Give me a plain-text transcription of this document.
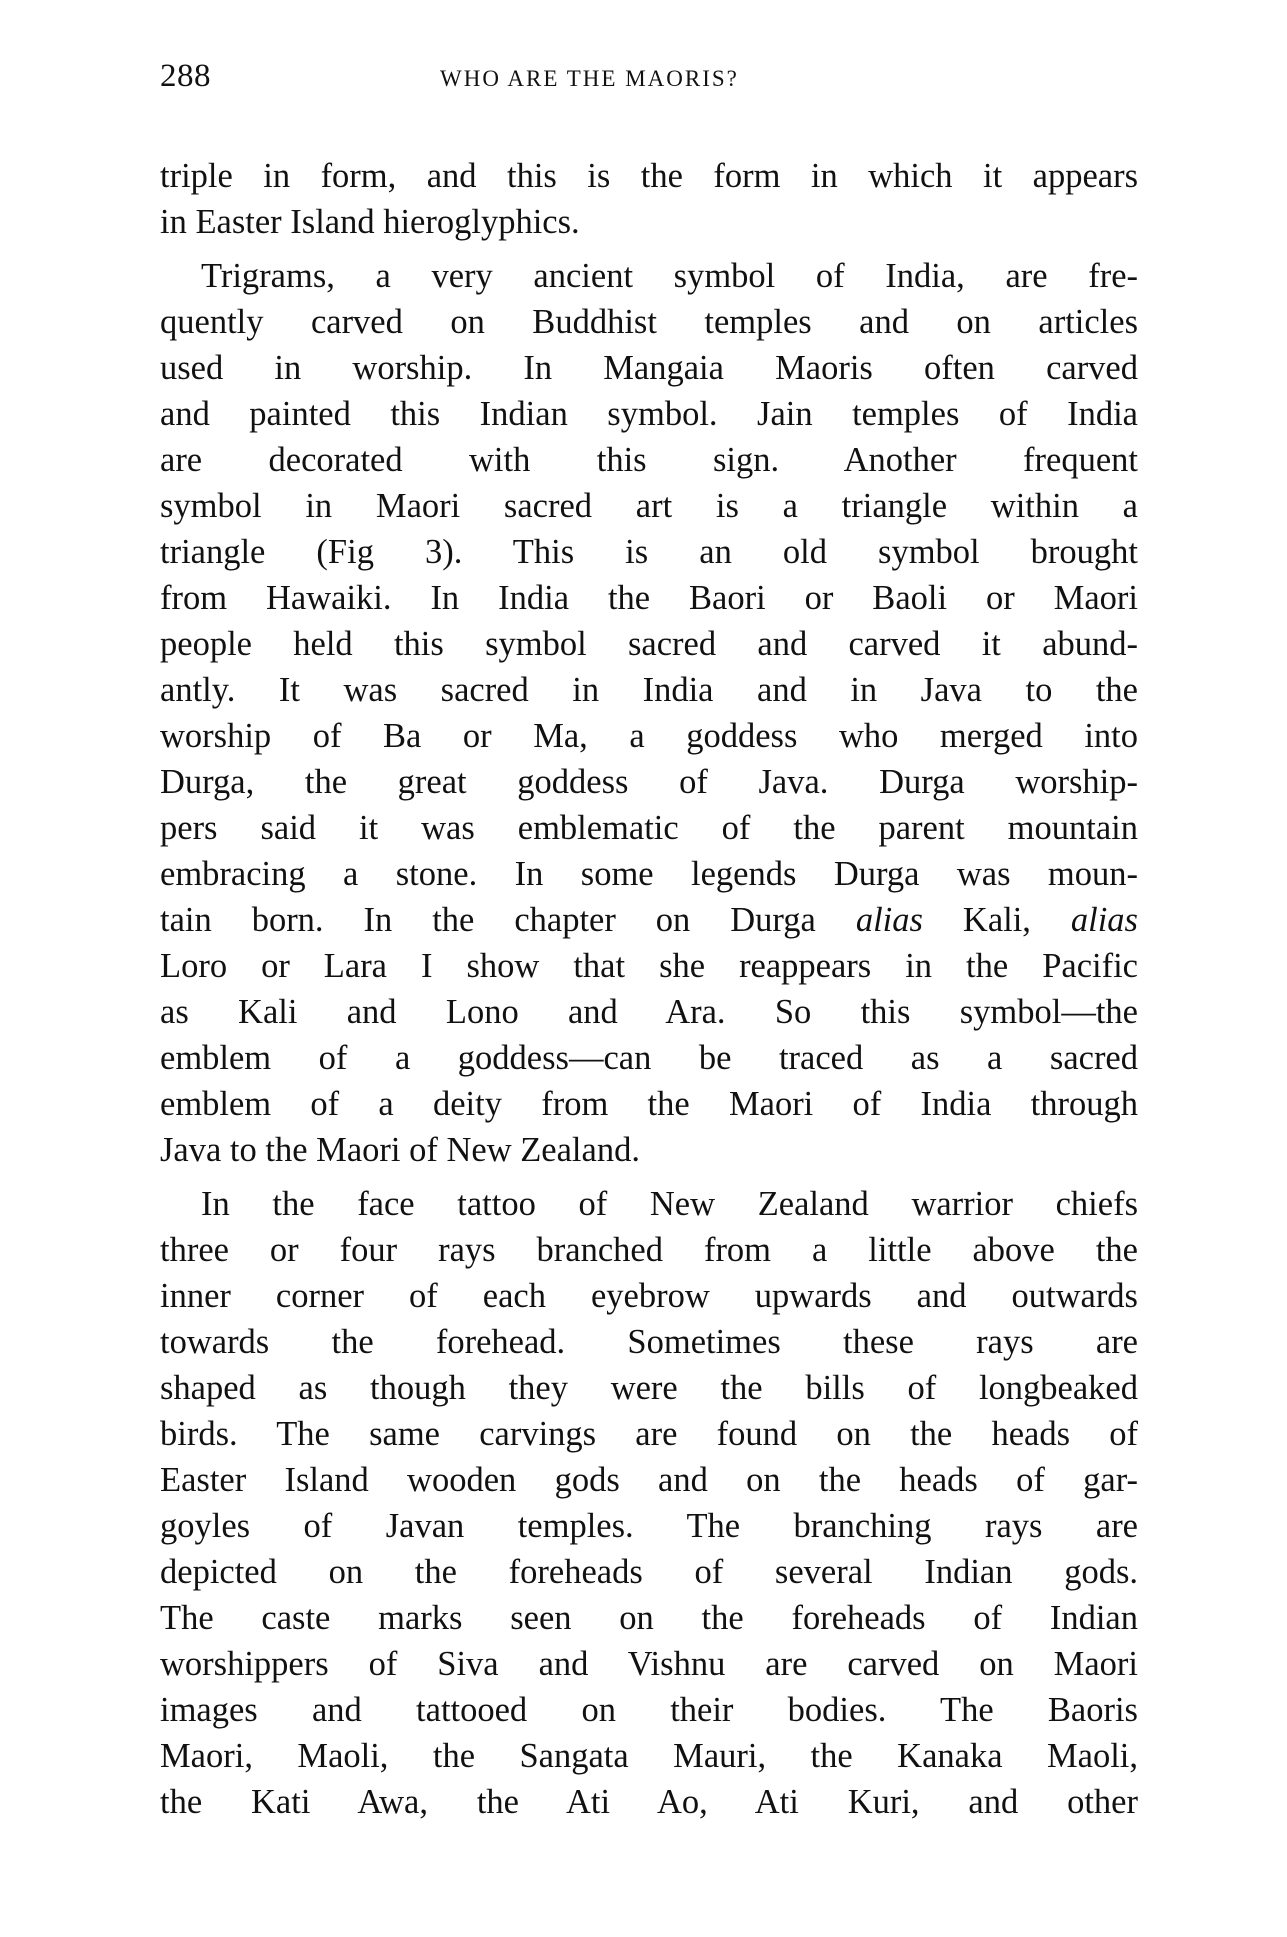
288	WHO ARE THE MAORIS?
triple in form, and this is the form in which it appears
in Easter Island hieroglyphics.
Trigrams, a very ancient symbol of India, are fre-
quently carved on Buddhist temples and on articles
used in worship. In Mangaia Maoris often carved
and painted this Indian symbol. Jain temples of India
are decorated with this sign. Another frequent
symbol in Maori sacred art is a triangle within a
triangle (Fig 3). This is an old symbol brought
from Hawaiki. In India the Baori or Baoli or Maori
people held this symbol sacred and carved it abund-
antly. It was sacred in India and in Java to the
worship of Ba or Ma, a goddess who merged into
Durga, the great goddess of Java. Durga worship-
pers said it was emblematic of the parent mountain
embracing a stone. In some legends Durga was moun-
tain born. In the chapter on Durga alias Kali, alias
Loro or Lara I show that she reappears in the Pacific
as Kali and Lono and Ara. So this symbol—the
emblem of a goddess—can be traced as a sacred
emblem of a deity from the Maori of India through
Java to the Maori of New Zealand.
In the face tattoo of New Zealand warrior chiefs
three or four rays branched from a little above the
inner corner of each eyebrow upwards and outwards
towards the forehead. Sometimes these rays are
shaped as though they were the bills of longbeaked
birds. The same carvings are found on the heads of
Easter Island wooden gods and on the heads of gar-
goyles of Javan temples. The branching rays are
depicted on the foreheads of several Indian gods.
The caste marks seen on the foreheads of Indian
worshippers of Siva and Vishnu are carved on Maori
images and tattooed on their bodies. The Baoris
Maori, Maoli, the Sangata Mauri, the Kanaka Maoli,
the Kati Awa, the Ati Ao, Ati Kuri, and other
